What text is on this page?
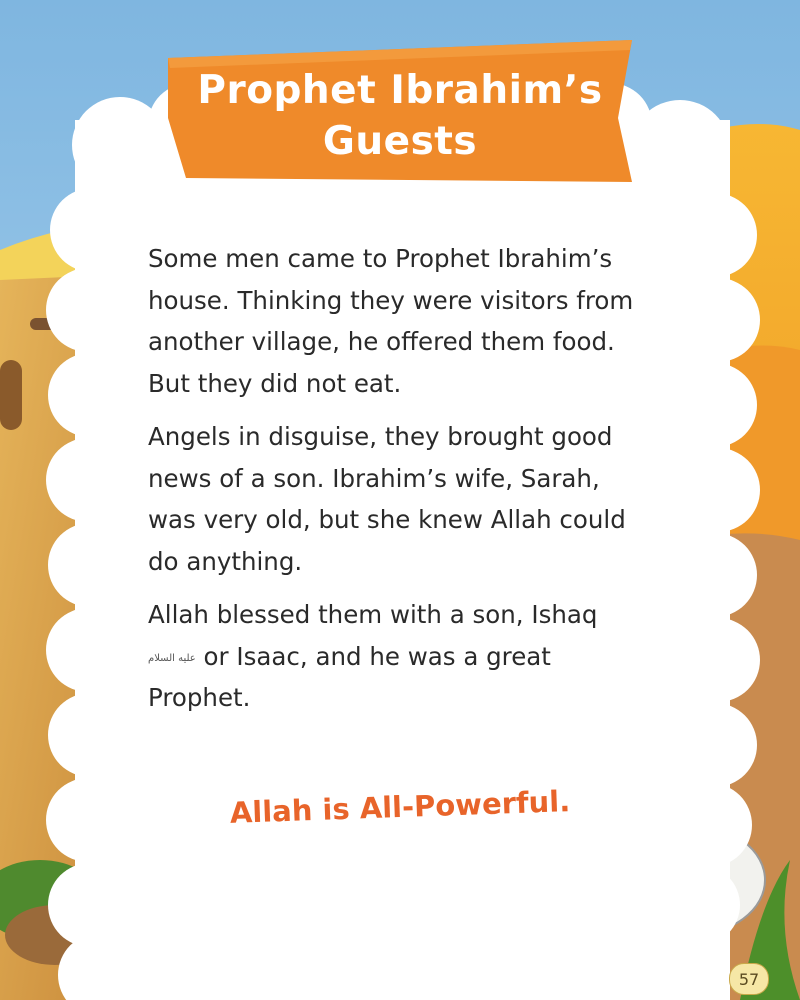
Prophet Ibrahim’s
Guests

Some men came to Prophet Ibrahim’s house. Thinking they were visitors from another village, he offered them food. But they did not eat.

Angels in disguise, they brought good news of a son. Ibrahim’s wife, Sarah, was very old, but she knew Allah could do anything.

Allah blessed them with a son, Ishaq عليه السلام or Isaac, and he was a great Prophet.

Allah is All-Powerful.
57
